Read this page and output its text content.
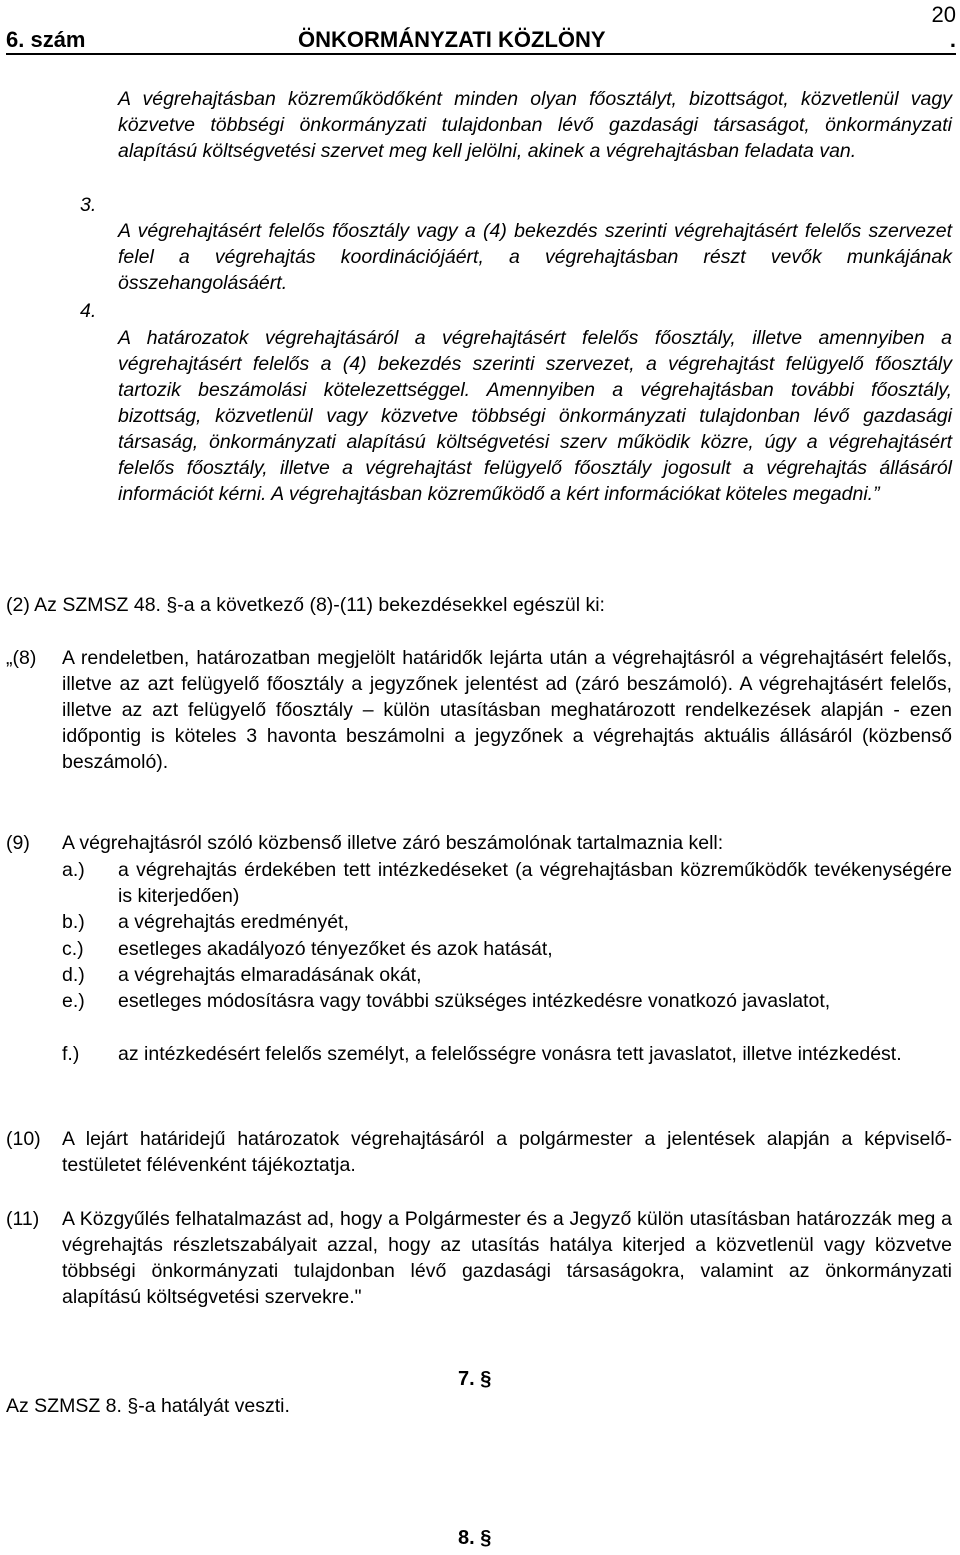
20
6. szám	ÖNKORMÁNYZATI KÖZLÖNY	.

A végrehajtásban közreműködőként minden olyan főosztályt, bizottságot, közvetlenül vagy közvetve többségi önkormányzati tulajdonban lévő gazdasági társaságot, önkormányzati alapítású költségvetési szervet meg kell jelölni, akinek a végrehajtásban feladata van.

3.

A végrehajtásért felelős főosztály vagy a (4) bekezdés szerinti végrehajtásért felelős szervezet felel a végrehajtás koordinációjáért, a végrehajtásban részt vevők munkájának összehangolásáért.

4.

A határozatok végrehajtásáról a végrehajtásért felelős főosztály, illetve amennyiben a végrehajtásért felelős a (4) bekezdés szerinti szervezet, a végrehajtást felügyelő főosztály tartozik beszámolási kötelezettséggel. Amennyiben a végrehajtásban további főosztály, bizottság, közvetlenül vagy közvetve többségi önkormányzati tulajdonban lévő gazdasági társaság, önkormányzati alapítású költségvetési szerv működik közre, úgy a végrehajtásért felelős főosztály, illetve a végrehajtást felügyelő főosztály jogosult a végrehajtás állásáról információt kérni. A végrehajtásban közreműködő a kért információkat köteles megadni.”

(2) Az SZMSZ 48. §-a a következő (8)-(11) bekezdésekkel egészül ki:
„(8) A rendeletben, határozatban megjelölt határidők lejárta után a végrehajtásról a végrehajtásért felelős, illetve az azt felügyelő főosztály a jegyzőnek jelentést ad (záró beszámoló). A végrehajtásért felelős, illetve az azt felügyelő főosztály – külön utasításban meghatározott rendelkezések alapján - ezen időpontig is köteles 3 havonta beszámolni a jegyzőnek a végrehajtás aktuális állásáról (közbenső beszámoló).

(9) A végrehajtásról szóló közbenső illetve záró beszámolónak tartalmaznia kell:
a.) a végrehajtás érdekében tett intézkedéseket (a végrehajtásban közreműködők tevékenységére is kiterjedően)

b.) a végrehajtás eredményét,

c.) esetleges akadályozó tényezőket és azok hatását,

d.) a végrehajtás elmaradásának okát,

e.) esetleges módosításra vagy további szükséges intézkedésre vonatkozó javaslatot,

f.) az intézkedésért felelős személyt, a felelősségre vonásra tett javaslatot, illetve intézkedést.

(10) A lejárt határidejű határozatok végrehajtásáról a polgármester a jelentések alapján a képviselő-testületet félévenként tájékoztatja.

(11) A Közgyűlés felhatalmazást ad, hogy a Polgármester és a Jegyző külön utasításban határozzák meg a végrehajtás részletszabályait azzal, hogy az utasítás hatálya kiterjed a közvetlenül vagy közvetve többségi önkormányzati tulajdonban lévő gazdasági társaságokra, valamint az önkormányzati alapítású költségvetési szervekre."

7. §
Az SZMSZ 8. §-a hatályát veszti.
8. §
